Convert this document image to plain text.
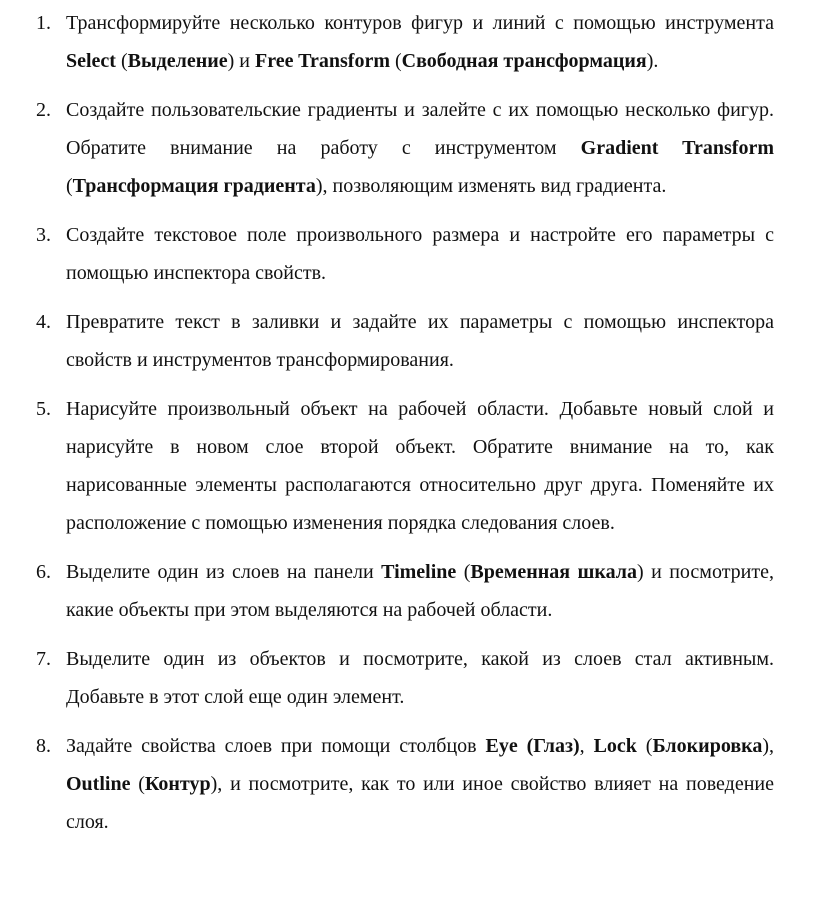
1. Трансформируйте несколько контуров фигур и линий с помощью инструмента Select (Выделение) и Free Transform (Свободная трансформация).
2. Создайте пользовательские градиенты и залейте с их помощью несколько фигур. Обратите внимание на работу с инструментом Gradient Transform (Трансформация градиента), позволяющим изменять вид градиента.
3. Создайте текстовое поле произвольного размера и настройте его параметры с помощью инспектора свойств.
4. Превратите текст в заливки и задайте их параметры с помощью инспектора свойств и инструментов трансформирования.
5. Нарисуйте произвольный объект на рабочей области. Добавьте новый слой и нарисуйте в новом слое второй объект. Обратите внимание на то, как нарисованные элементы располагаются относительно друг друга. Поменяйте их расположение с помощью изменения порядка следования слоев.
6. Выделите один из слоев на панели Timeline (Временная шкала) и посмотрите, какие объекты при этом выделяются на рабочей области.
7. Выделите один из объектов и посмотрите, какой из слоев стал активным. Добавьте в этот слой еще один элемент.
8. Задайте свойства слоев при помощи столбцов Eye (Глаз), Lock (Блокировка), Outline (Контур), и посмотрите, как то или иное свойство влияет на поведение слоя.
